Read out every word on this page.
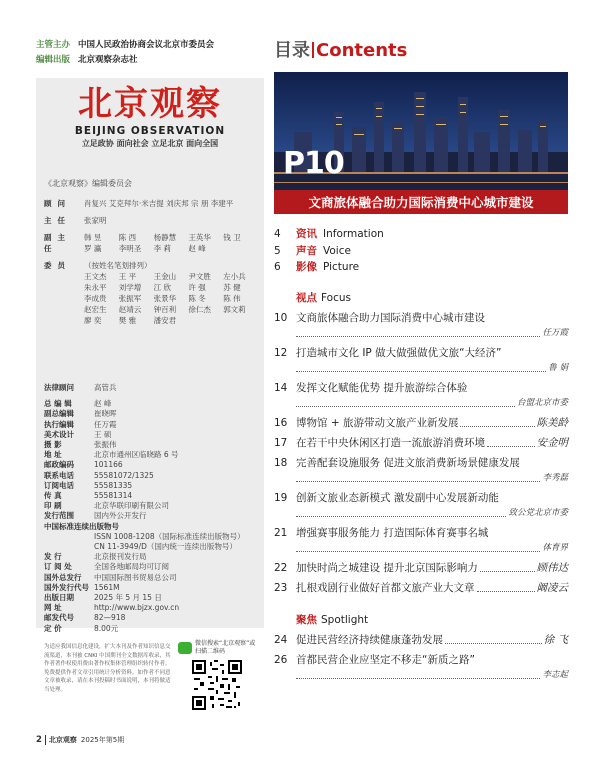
主管主办 中国人民政治协商会议北京市委员会
编辑出版 北京观察杂志社
北京观察
BEIJING OBSERVATION
立足政协 面向社会 立足北京 面向全国
《北京观察》编辑委员会
顾问	肖复兴 艾克拜尔·米吉提 刘庆邦 宗 朋 李建平
主任	张家明
副主任
韩 昱	陈 西	杨静慧	王英华	钱 卫
罗 瀛	李明圣	李 莉	赵 峰
委员	（按姓名笔划排列）
王文杰	王 平	王金山	尹文胜	左小兵
朱永平	刘学增	江 欣	许 强	苏 健
李成贵	张振军	张景华	陈 冬	陈 伟
赵宏生	赵靖云	钟百利	徐仁杰	郭文莉
廖 奕	樊 雅	潘安君
法律顾问	高管兵
总 编 辑	赵 峰
副总编辑	崔晓晖
执行编辑	任万霞
美术设计	王 硕
摄 影	张振伟
地 址	北京市通州区临晓路 6 号
邮政编码	101166
联系电话	55581072/1325
订阅电话	55581335
传 真	55581314
印 刷	北京华联印刷有限公司
发行范围	国内外公开发行
中国标准连续出版物号
ISSN 1008-1208（国际标准连续出版物号）
CN 11-3949/D（国内统一连续出版物号）
发 行	北京报刊发行局
订 阅 处	全国各地邮局均可订阅
国外总发行	中国国际图书贸易总公司
国外发行代号 1561M
出版日期	2025 年 5 月 15 日
网 址	http://www.bjzx.gov.cn
邮发代号	82—918
定 价	8.00元
为适应我国信息化建设，扩大本刊及作者知识信息交流渠道，本刊被 CNKI 中国期刊全文数据库收录，其作者著作权使用费由著作权集体管理组织转付作者。免费提供作者文章引用统计分析资料。如作者不同意文章被收录，请在本刊投稿时书面说明，本刊将做适当处理。
微信搜索“北京观察”或扫描二维码
2 北京观察 2025年第5期
目录 Contents
P10
文商旅体融合助力国际消费中心城市建设
4	资讯 Information
5	声音 Voice
6	影像 Picture
视点 Focus
10 文商旅体融合助力国际消费中心城市建设
任万霞
12 打造城市文化 IP 做大做强做优文旅“大经济”
鲁 娟
14 发挥文化赋能优势 提升旅游综合体验
台盟北京市委
16 博物馆 + 旅游带动文旅产业新发展	陈美龄
17 在若干中央休闲区打造一流旅游消费环境	安金明
18 完善配套设施服务 促进文旅消费新场景健康发展
李秀磊
19 创新文旅业态新模式 激发副中心发展新动能
致公党北京市委
21 增强赛事服务能力 打造国际体育赛事名城
体育界
22 加快时尚之城建设 提升北京国际影响力	顾伟达
23 扎根戏剧行业做好首都文旅产业大文章	阚凌云
聚焦 Spotlight
24 促进民营经济持续健康蓬勃发展	徐 飞
26 首都民营企业应坚定不移走“新质之路”
李志起
